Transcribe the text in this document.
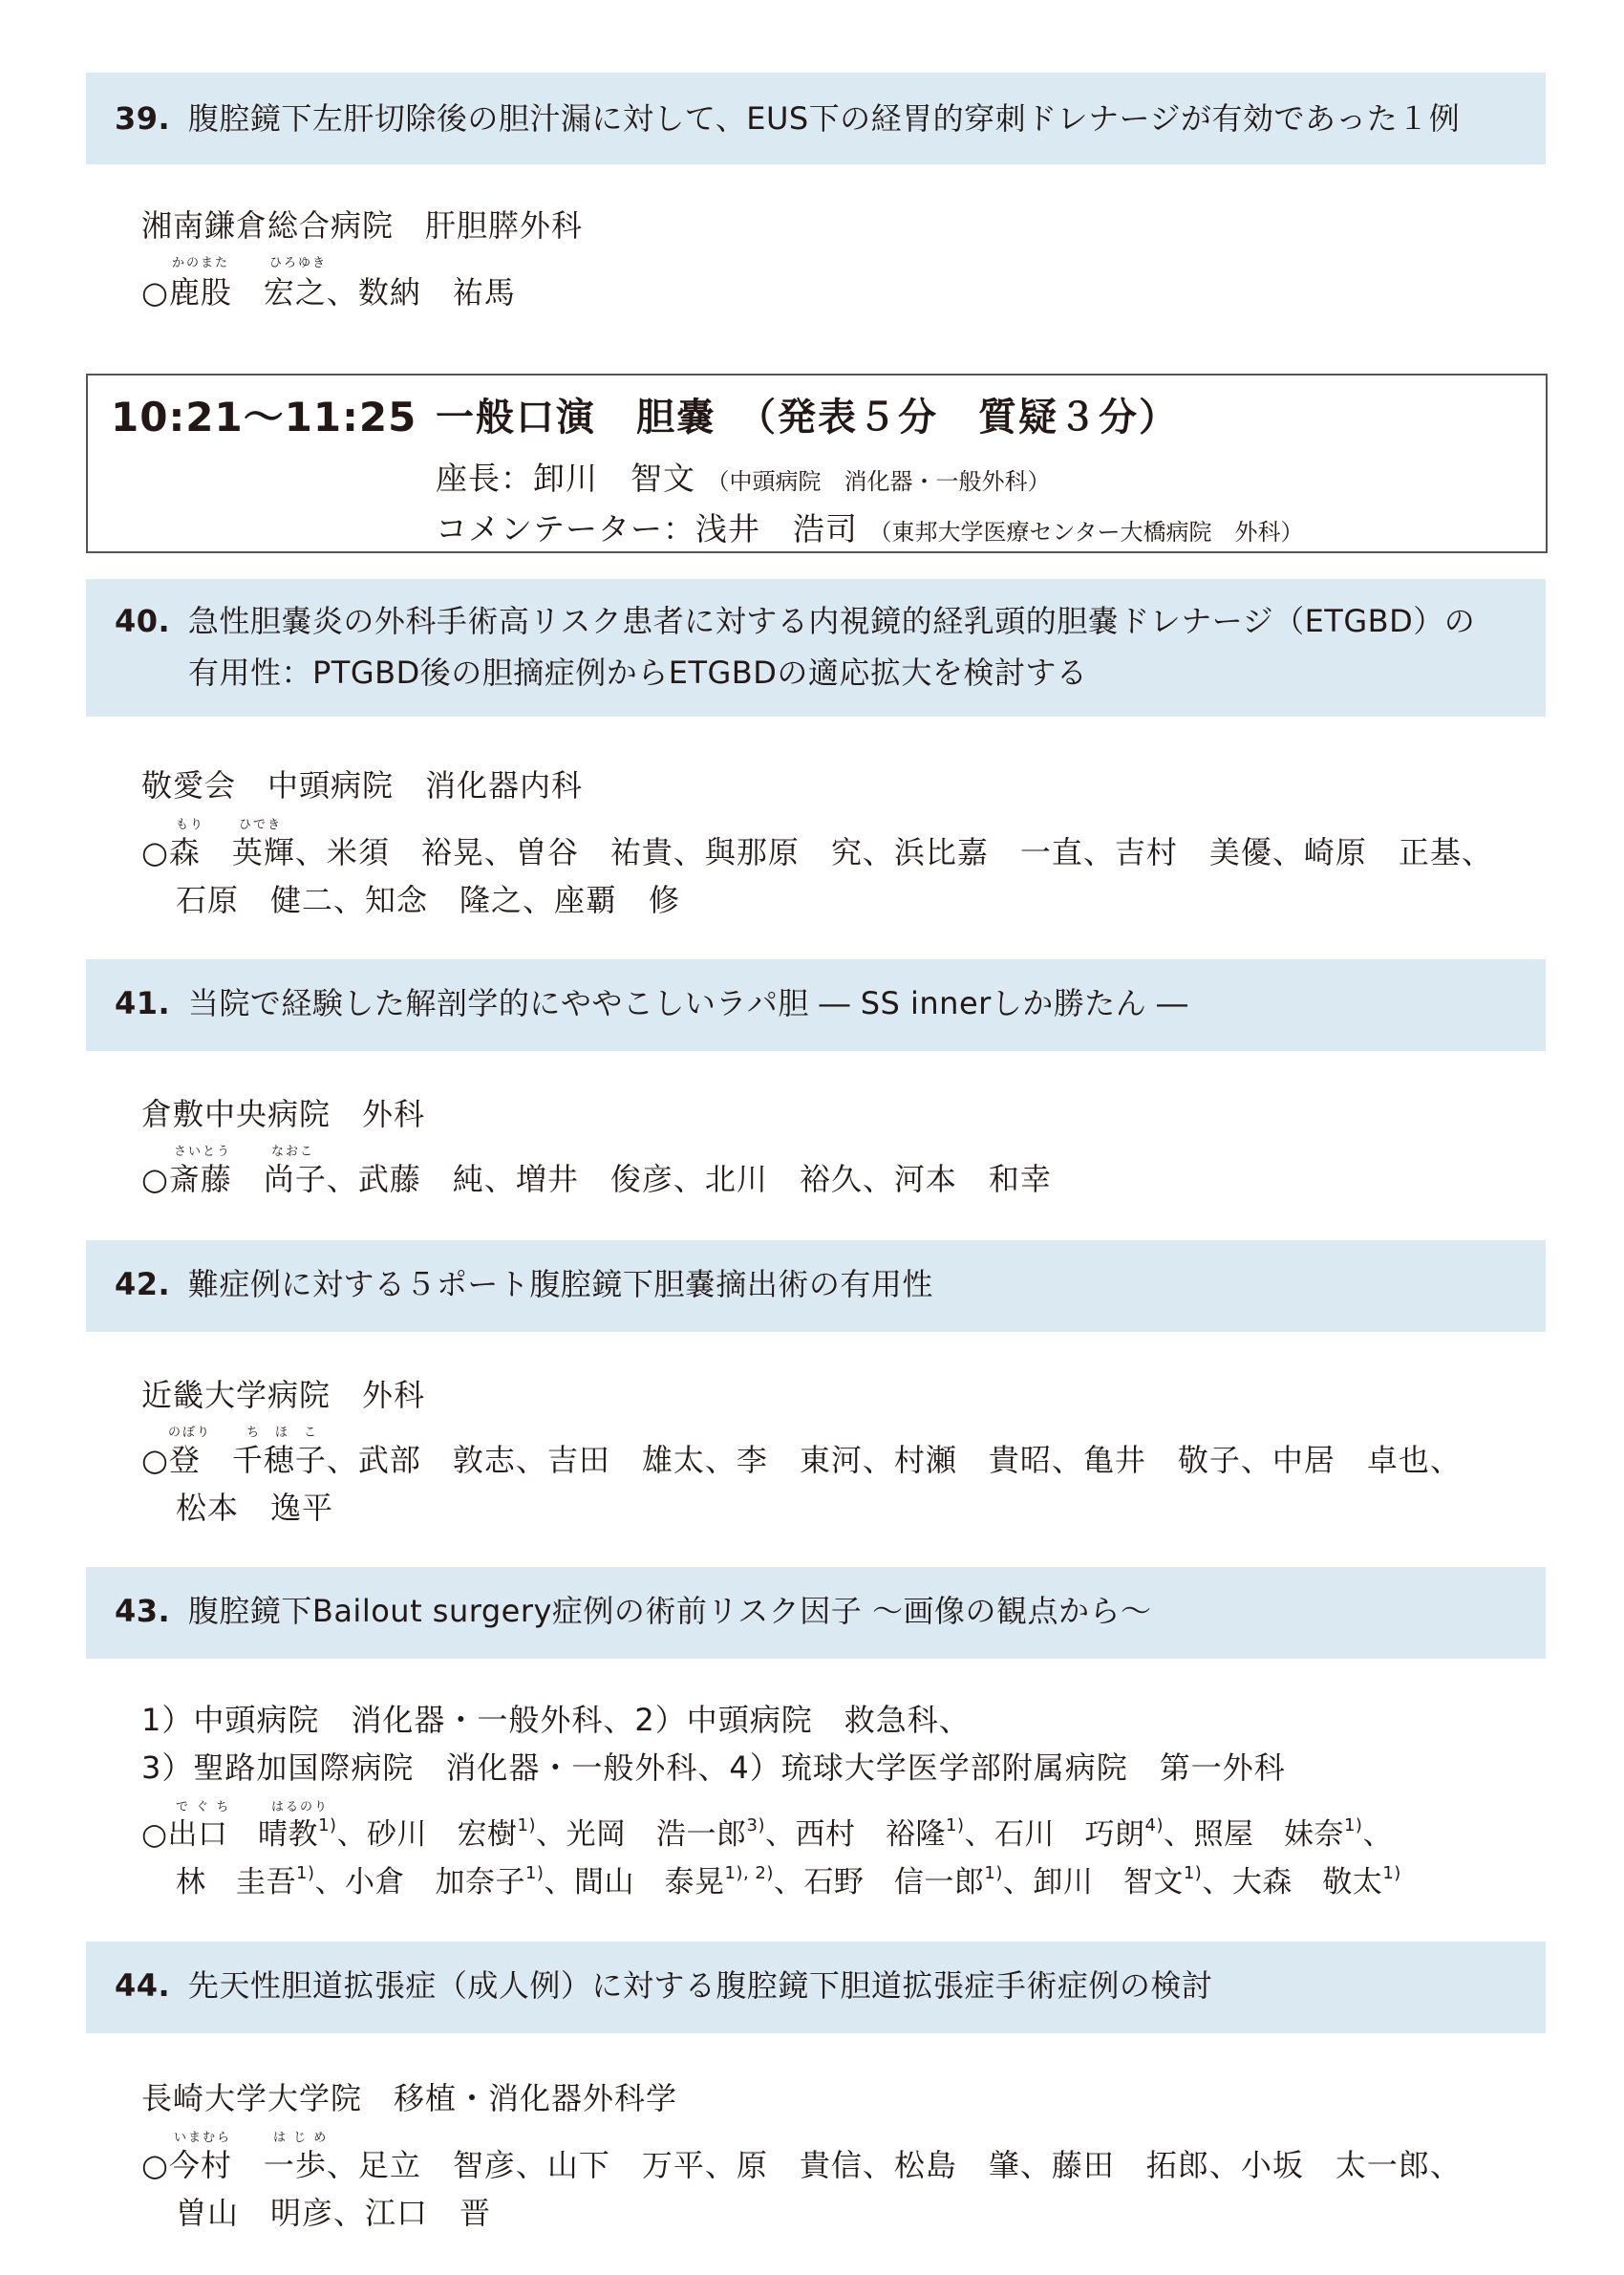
39. 腹腔鏡下左肝切除後の胆汁漏に対して、EUS下の経胃的穿刺ドレナージが有効であった１例
湘南鎌倉総合病院　肝胆膵外科
かのまた	ひろゆき
○鹿股　宏之、数納　祐馬
10:21〜11:25 一般口演　胆嚢　（発表５分　質疑３分）
座長：卸川　智文 （中頭病院　消化器・一般外科）
コメンテーター：浅井　浩司 （東邦大学医療センター大橋病院　外科）
40. 急性胆嚢炎の外科手術高リスク患者に対する内視鏡的経乳頭的胆嚢ドレナージ（ETGBD）の
有用性：PTGBD後の胆摘症例からETGBDの適応拡大を検討する
敬愛会　中頭病院　消化器内科
もり	ひでき
○森　英輝、米須　裕晃、曽谷　祐貴、與那原　究、浜比嘉　一直、吉村　美優、崎原　正基、
石原　健二、知念　隆之、座覇　修
41. 当院で経験した解剖学的にややこしいラパ胆 ― SS innerしか勝たん ―
倉敷中央病院　外科
さいとう	なおこ
○斎藤　尚子、武藤　純、増井　俊彦、北川　裕久、河本　和幸
42. 難症例に対する５ポート腹腔鏡下胆嚢摘出術の有用性
近畿大学病院　外科
のぼり	ち　ほ　こ
○登　千穂子、武部　敦志、吉田　雄太、李　東河、村瀬　貴昭、亀井　敬子、中居　卓也、
松本　逸平
43. 腹腔鏡下Bailout surgery症例の術前リスク因子 〜画像の観点から〜
1）中頭病院　消化器・一般外科、2）中頭病院　救急科、
3）聖路加国際病院　消化器・一般外科、4）琉球大学医学部附属病院　第一外科
で ぐ ち	はるのり
○出口　晴教$^{1)}$、砂川　宏樹$^{1)}$、光岡　浩一郎$^{3)}$、西村　裕隆$^{1)}$、石川　巧朗$^{4)}$、照屋　妹奈$^{1)}$、
林　圭吾$^{1)}$、小倉　加奈子$^{1)}$、間山　泰晃$^{1), 2)}$、石野　信一郎$^{1)}$、卸川　智文$^{1)}$、大森　敬太$^{1)}$
44. 先天性胆道拡張症（成人例）に対する腹腔鏡下胆道拡張症手術症例の検討
長崎大学大学院　移植・消化器外科学
いまむら	は じ め
○今村　一歩、足立　智彦、山下　万平、原　貴信、松島　肇、藤田　拓郎、小坂　太一郎、
曽山　明彦、江口　晋
